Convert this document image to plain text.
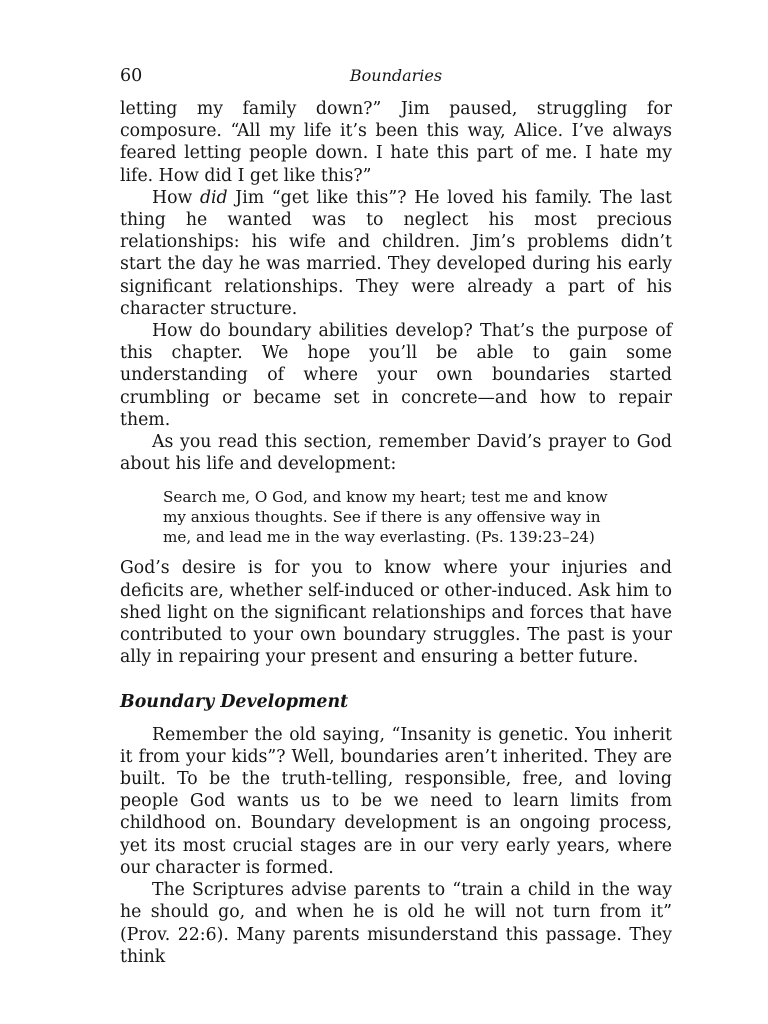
60	Boundaries

letting my family down?” Jim paused, struggling for composure. “All my life it’s been this way, Alice. I’ve always feared letting people down. I hate this part of me. I hate my life. How did I get like this?”

How did Jim “get like this”? He loved his family. The last thing he wanted was to neglect his most precious relationships: his wife and children. Jim’s problems didn’t start the day he was married. They developed during his early significant relationships. They were already a part of his character structure.

How do boundary abilities develop? That’s the purpose of this chapter. We hope you’ll be able to gain some understanding of where your own boundaries started crumbling or became set in concrete—and how to repair them.

As you read this section, remember David’s prayer to God about his life and development:

Search me, O God, and know my heart; test me and know my anxious thoughts. See if there is any offensive way in me, and lead me in the way everlasting. (Ps. 139:23–24)

God’s desire is for you to know where your injuries and deficits are, whether self-induced or other-induced. Ask him to shed light on the significant relationships and forces that have contributed to your own boundary struggles. The past is your ally in repairing your present and ensuring a better future.

Boundary Development

Remember the old saying, “Insanity is genetic. You inherit it from your kids”? Well, boundaries aren’t inherited. They are built. To be the truth-telling, responsible, free, and loving people God wants us to be we need to learn limits from childhood on. Boundary development is an ongoing process, yet its most crucial stages are in our very early years, where our character is formed.

The Scriptures advise parents to “train a child in the way he should go, and when he is old he will not turn from it” (Prov. 22:6). Many parents misunderstand this passage. They think
